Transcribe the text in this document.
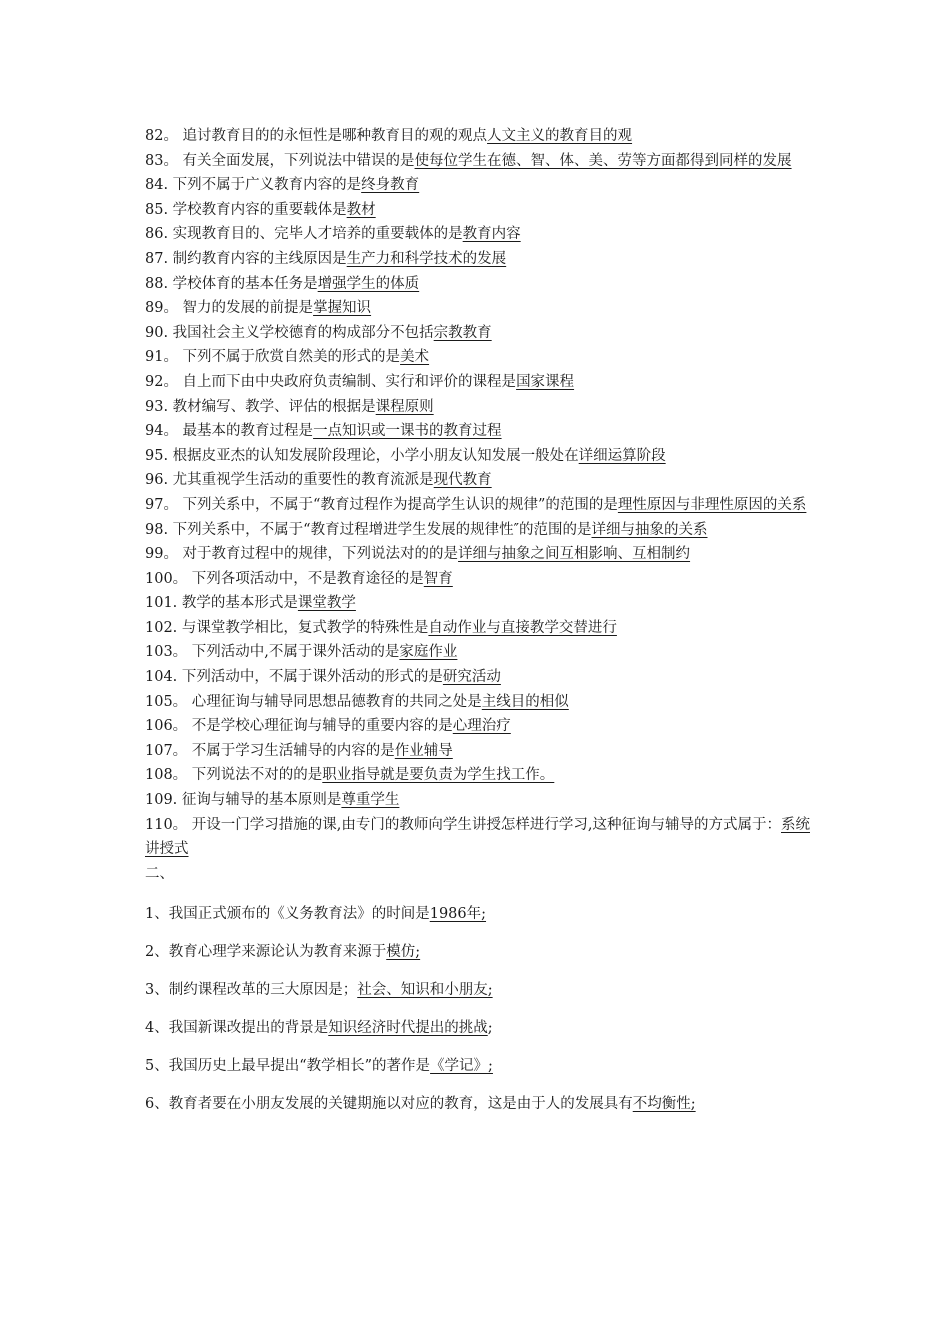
82。 追讨教育目的的永恒性是哪种教育目的观的观点人文主义的教育目的观
83。 有关全面发展，下列说法中错误的是使每位学生在德、智、体、美、劳等方面都得到同样的发展
84. 下列不属于广义教育内容的是终身教育
85. 学校教育内容的重要载体是教材
86. 实现教育目的、完毕人才培养的重要载体的是教育内容
87. 制约教育内容的主线原因是生产力和科学技术的发展
88. 学校体育的基本任务是增强学生的体质
89。 智力的发展的前提是掌握知识
90. 我国社会主义学校德育的构成部分不包括宗教教育
91。 下列不属于欣赏自然美的形式的是美术
92。 自上而下由中央政府负责编制、实行和评价的课程是国家课程
93. 教材编写、教学、评估的根据是课程原则
94。 最基本的教育过程是一点知识或一课书的教育过程
95. 根据皮亚杰的认知发展阶段理论，小学小朋友认知发展一般处在详细运算阶段
96. 尤其重视学生活动的重要性的教育流派是现代教育
97。 下列关系中，不属于“教育过程作为提高学生认识的规律”的范围的是理性原因与非理性原因的关系
98. 下列关系中，不属于“教育过程增进学生发展的规律性″的范围的是详细与抽象的关系
99。 对于教育过程中的规律，下列说法对的的是详细与抽象之间互相影响、互相制约
100。 下列各项活动中，不是教育途径的是智育
101. 教学的基本形式是课堂教学
102. 与课堂教学相比，复式教学的特殊性是自动作业与直接教学交替进行
103。 下列活动中,不属于课外活动的是家庭作业
104. 下列活动中，不属于课外活动的形式的是研究活动
105。 心理征询与辅导同思想品德教育的共同之处是主线目的相似
106。 不是学校心理征询与辅导的重要内容的是心理治疗
107。 不属于学习生活辅导的内容的是作业辅导
108。 下列说法不对的的是职业指导就是要负责为学生找工作。
109. 征询与辅导的基本原则是尊重学生
110。 开设一门学习措施的课,由专门的教师向学生讲授怎样进行学习,这种征询与辅导的方式属于：系统讲授式
二、
1、我国正式颁布的《义务教育法》的时间是1986年;
2、教育心理学来源论认为教育来源于模仿;
3、制约课程改革的三大原因是；社会、知识和小朋友;
4、我国新课改提出的背景是知识经济时代提出的挑战;
5、我国历史上最早提出“教学相长”的著作是《学记》;
6、教育者要在小朋友发展的关键期施以对应的教育，这是由于人的发展具有不均衡性;
